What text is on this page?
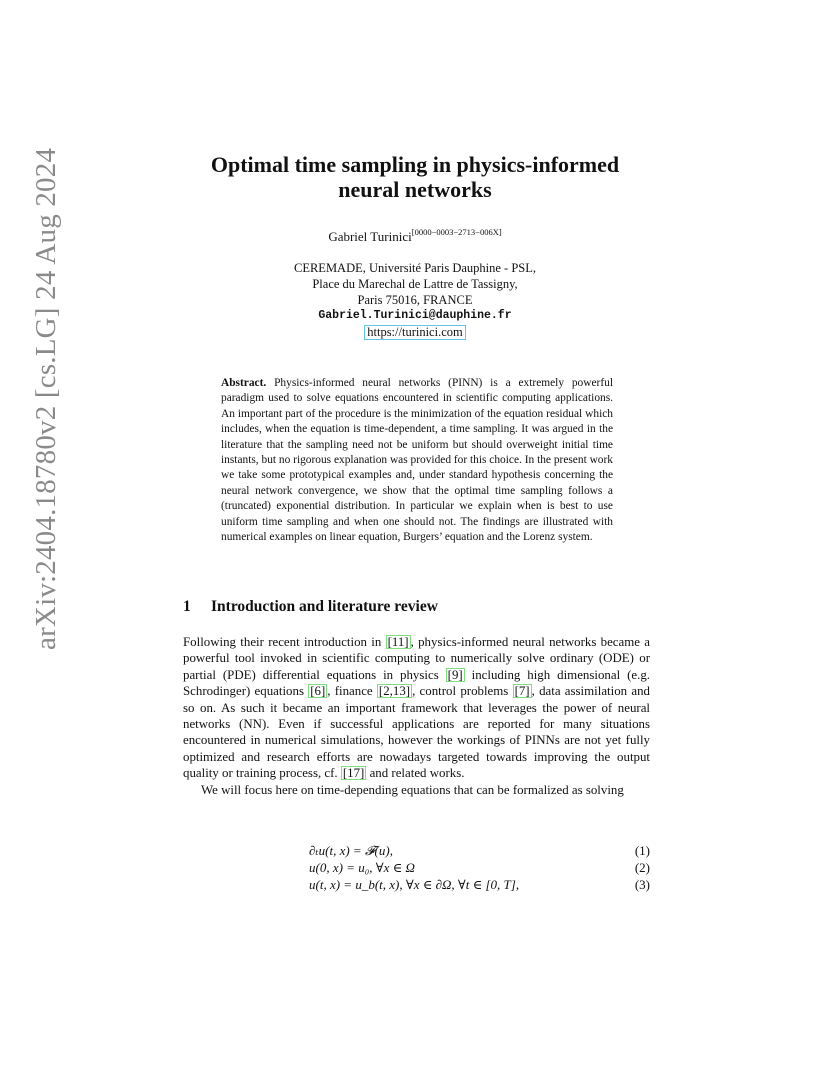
arXiv:2404.18780v2 [cs.LG] 24 Aug 2024	Optimal time sampling in physics-informed
neural networks
Gabriel Turinici[0000−0003−2713−006X]
CEREMADE, Université Paris Dauphine - PSL,
Place du Marechal de Lattre de Tassigny,
Paris 75016, FRANCE
Gabriel.Turinici@dauphine.fr
https://turinici.com
Abstract. Physics-informed neural networks (PINN) is a extremely powerful paradigm used to solve equations encountered in scientific computing applications. An important part of the procedure is the minimization of the equation residual which includes, when the equation is time-dependent, a time sampling. It was argued in the literature that the sampling need not be uniform but should overweight initial time instants, but no rigorous explanation was provided for this choice. In the present work we take some prototypical examples and, under standard hypothesis concerning the neural network convergence, we show that the optimal time sampling follows a (truncated) exponential distribution. In particular we explain when is best to use uniform time sampling and when one should not. The findings are illustrated with numerical examples on linear equation, Burgers’ equation and the Lorenz system.
1 Introduction and literature review

Following their recent introduction in [11] , physics-informed neural networks became a powerful tool invoked in scientific computing to numerically solve ordinary (ODE) or partial (PDE) differential equations in physics [9] including high dimensional (e.g. Schrodinger) equations [6] , finance [2,13] , control problems [7] , data assimilation and so on. As such it became an important framework that leverages the power of neural networks (NN). Even if successful applications are reported for many situations encountered in numerical simulations, however the workings of PINNs are not yet fully optimized and research efforts are nowadays targeted towards improving the output quality or training process, cf. [17] and related works.

We will focus here on time-depending equations that can be formalized as solving

∂ₜu(t, x) = 𝓕(u),	(1)
u(0, x) = u₀, ∀x ∈ Ω	(2)
u(t, x) = u_b(t, x), ∀x ∈ ∂Ω, ∀t ∈ [0, T],	(3)
